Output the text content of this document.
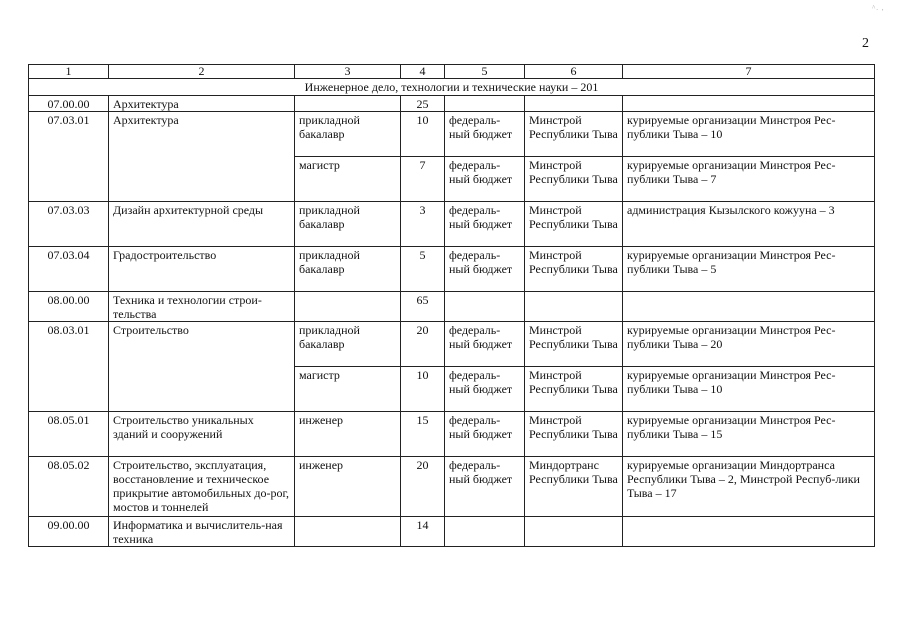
2
^. ,
1	2	3	4	5	6	7
Инженерное дело, технологии и технические науки – 201						
07.00.00	Архитектура		25			
07.03.01	Архитектура	прикладной бакалавр	10	федераль-ный бюджет	Минстрой Республики Тыва	курируемые организации Минстроя Рес-публики Тыва – 10
		магистр	7	федераль-ный бюджет	Минстрой Республики Тыва	курируемые организации Минстроя Рес-публики Тыва – 7
07.03.03	Дизайн архитектурной среды	прикладной бакалавр	3	федераль-ный бюджет	Минстрой Республики Тыва	администрация Кызылского кожууна – 3
07.03.04	Градостроительство	прикладной бакалавр	5	федераль-ный бюджет	Минстрой Республики Тыва	курируемые организации Минстроя Рес-публики Тыва – 5
08.00.00	Техника и технологии строи-тельства		65			
08.03.01	Строительство	прикладной бакалавр	20	федераль-ный бюджет	Минстрой Республики Тыва	курируемые организации Минстроя Рес-публики Тыва – 20
		магистр	10	федераль-ный бюджет	Минстрой Республики Тыва	курируемые организации Минстроя Рес-публики Тыва – 10
08.05.01	Строительство уникальных зданий и сооружений	инженер	15	федераль-ный бюджет	Минстрой Республики Тыва	курируемые организации Минстроя Рес-публики Тыва – 15
08.05.02	Строительство, эксплуатация, восстановление и техническое прикрытие автомобильных до-рог, мостов и тоннелей	инженер	20	федераль-ный бюджет	Миндортранс Республики Тыва	курируемые организации Миндортранса Республики Тыва – 2, Минстрой Респуб-лики Тыва – 17
09.00.00	Информатика и вычислитель-ная техника		14			
